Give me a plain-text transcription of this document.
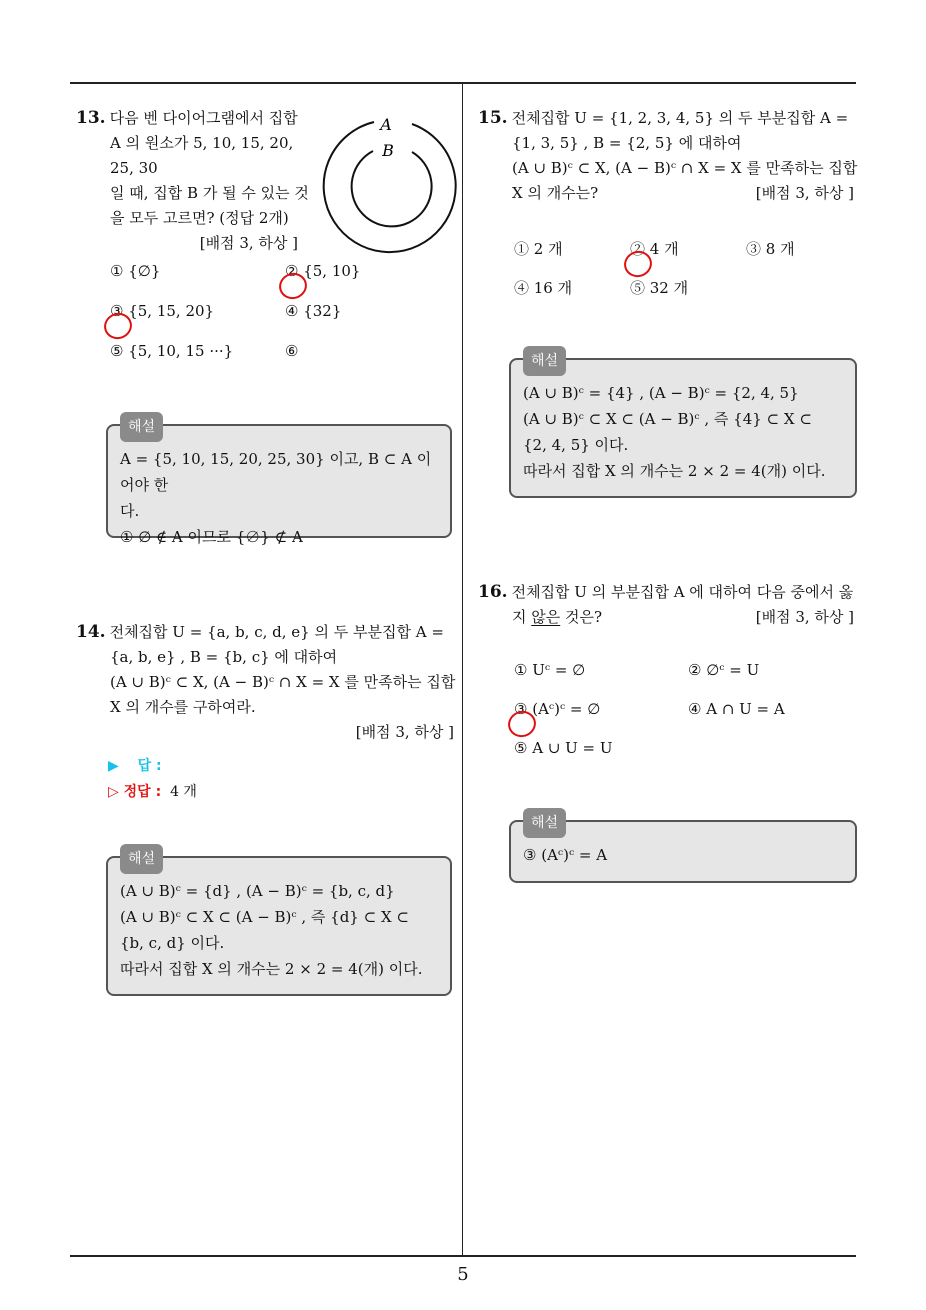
13. 다음 벤 다이어그램에서 집합
A 의 원소가 5, 10, 15, 20, 25, 30
일 때, 집합 B 가 될 수 있는 것
을 모두 고르면? (정답 2개)
[배점 3, 하상 ]
A
B
① {∅}	② {5, 10}
③ {5, 15, 20}	④ {32}
⑤ {5, 10, 15 ···}	⑥
해설
A = {5, 10, 15, 20, 25, 30} 이고, B ⊂ A 이어야 한
다.
① ∅ ∉ A 이므로 {∅} ⊄ A
14. 전체집합 U = {a, b, c, d, e} 의 두 부분집합 A =
{a, b, e} , B = {b, c} 에 대하여
(A ∪ B)ᶜ ⊂ X, (A − B)ᶜ ∩ X = X 를 만족하는 집합
X 의 개수를 구하여라.
[배점 3, 하상 ]
▶ 답 :
▷ 정답 : 4 개
해설
(A ∪ B)ᶜ = {d} , (A − B)ᶜ = {b, c, d}
(A ∪ B)ᶜ ⊂ X ⊂ (A − B)ᶜ , 즉 {d} ⊂ X ⊂
{b, c, d} 이다.
따라서 집합 X 의 개수는 2 × 2 = 4(개) 이다.
15. 전체집합 U = {1, 2, 3, 4, 5} 의 두 부분집합 A =
{1, 3, 5} , B = {2, 5} 에 대하여
(A ∪ B)ᶜ ⊂ X, (A − B)ᶜ ∩ X = X 를 만족하는 집합
X 의 개수는?	[배점 3, 하상 ]
① 2 개	② 4 개	③ 8 개
④ 16 개	⑤ 32 개
해설
(A ∪ B)ᶜ = {4} , (A − B)ᶜ = {2, 4, 5}
(A ∪ B)ᶜ ⊂ X ⊂ (A − B)ᶜ , 즉 {4} ⊂ X ⊂
{2, 4, 5} 이다.
따라서 집합 X 의 개수는 2 × 2 = 4(개) 이다.
16. 전체집합 U 의 부분집합 A 에 대하여 다음 중에서 옳
지 않은 것은?	[배점 3, 하상 ]
① Uᶜ = ∅	② ∅ᶜ = U
③ (Aᶜ)ᶜ = ∅	④ A ∩ U = A
⑤ A ∪ U = U
해설
③ (Aᶜ)ᶜ = A
5
